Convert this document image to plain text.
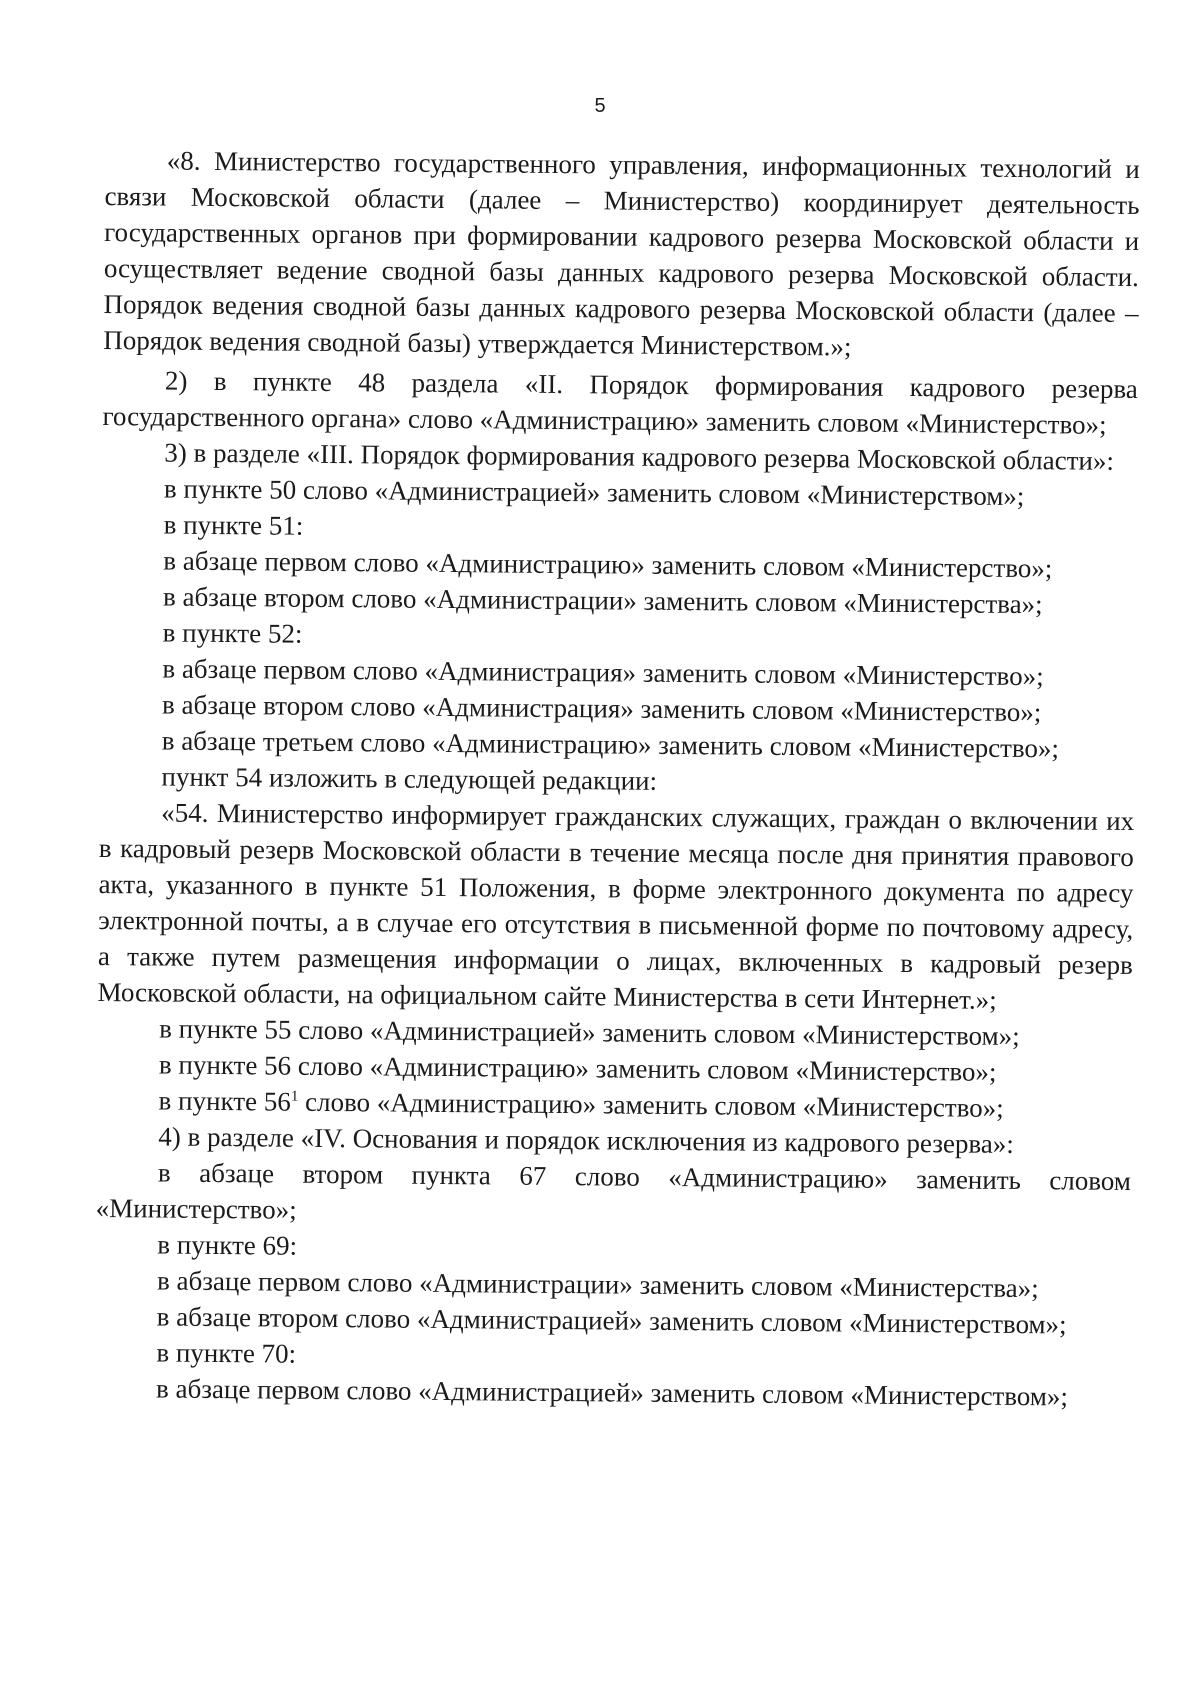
5

«8. Министерство государственного управления, информационных технологий и связи Московской области (далее – Министерство) координирует деятельность государственных органов при формировании кадрового резерва Московской области и осуществляет ведение сводной базы данных кадрового резерва Московской области. Порядок ведения сводной базы данных кадрового резерва Московской области (далее – Порядок ведения сводной базы) утверждается Министерством.»;

2) в пункте 48 раздела «II. Порядок формирования кадрового резерва государственного органа» слово «Администрацию» заменить словом «Министерство»;

3) в разделе «III. Порядок формирования кадрового резерва Московской области»:

в пункте 50 слово «Администрацией» заменить словом «Министерством»;

в пункте 51:

в абзаце первом слово «Администрацию» заменить словом «Министерство»;

в абзаце втором слово «Администрации» заменить словом «Министерства»;

в пункте 52:

в абзаце первом слово «Администрация» заменить словом «Министерство»;

в абзаце втором слово «Администрация» заменить словом «Министерство»;

в абзаце третьем слово «Администрацию» заменить словом «Министерство»;

пункт 54 изложить в следующей редакции:

«54. Министерство информирует гражданских служащих, граждан о включении их в кадровый резерв Московской области в течение месяца после дня принятия правового акта, указанного в пункте 51 Положения, в форме электронного документа по адресу электронной почты, а в случае его отсутствия в письменной форме по почтовому адресу, а также путем размещения информации о лицах, включенных в кадровый резерв Московской области, на официальном сайте Министерства в сети Интернет.»;

в пункте 55 слово «Администрацией» заменить словом «Министерством»;

в пункте 56 слово «Администрацию» заменить словом «Министерство»;

в пункте $56^1$ слово «Администрацию» заменить словом «Министерство»;

4) в разделе «IV. Основания и порядок исключения из кадрового резерва»:

в абзаце втором пункта 67 слово «Администрацию» заменить словом «Министерство»;

в пункте 69:

в абзаце первом слово «Администрации» заменить словом «Министерства»;

в абзаце втором слово «Администрацией» заменить словом «Министерством»;

в пункте 70:

в абзаце первом слово «Администрацией» заменить словом «Министерством»;
